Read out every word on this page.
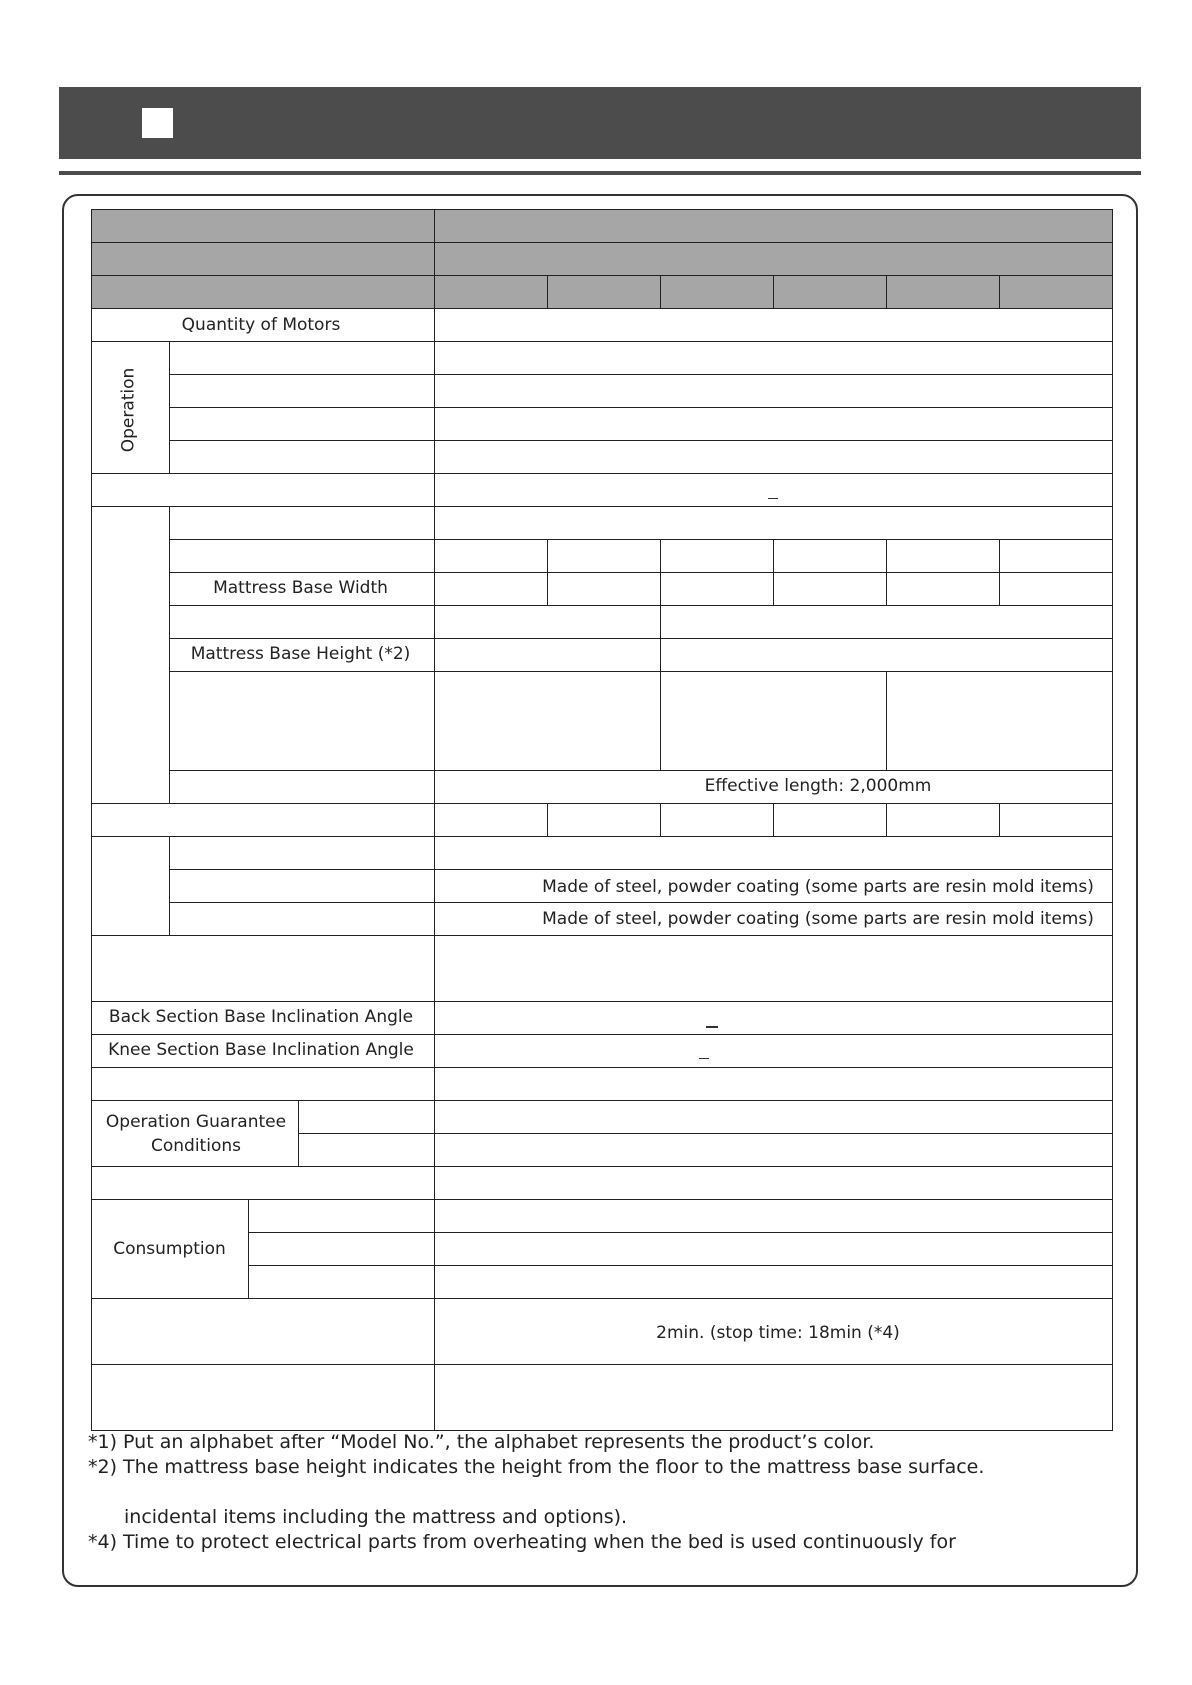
Quantity of Motors
Operation
Mattress Base Width
Mattress Base Height (*2)
Effective length: 2,000mm
Made of steel, powder coating (some parts are resin mold items)
Made of steel, powder coating (some parts are resin mold items)
Back Section Base Inclination Angle
Knee Section Base Inclination Angle
Operation Guarantee
Conditions
Consumption
2min. (stop time: 18min (*4)
*1) Put an alphabet after “Model No.”, the alphabet represents the product’s color.
*2) The mattress base height indicates the height from the floor to the mattress base surface.
incidental items including the mattress and options).
*4) Time to protect electrical parts from overheating when the bed is used continuously for
